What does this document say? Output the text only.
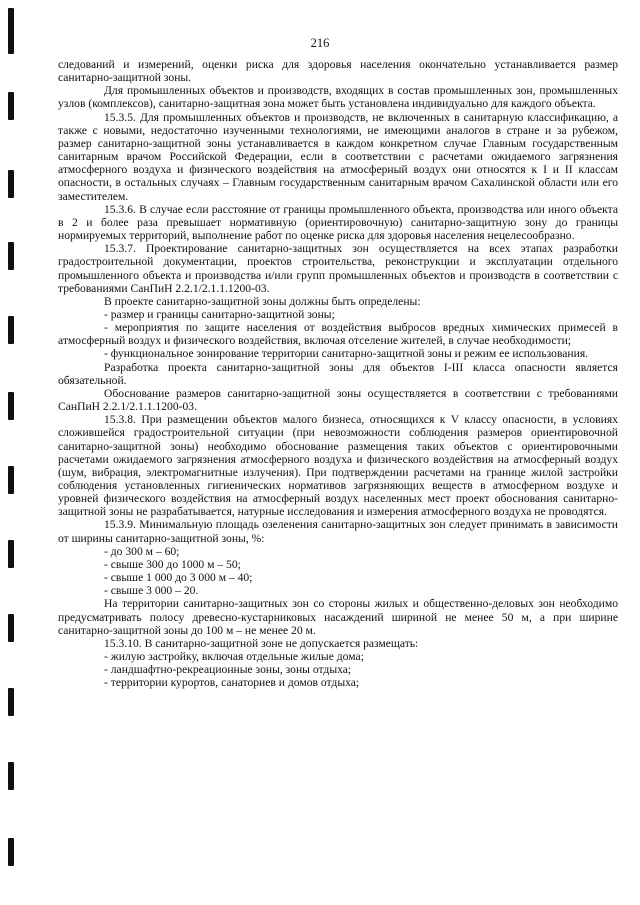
216

следований и измерений, оценки риска для здоровья населения окончательно устанавливается размер санитарно-защитной зоны.

Для промышленных объектов и производств, входящих в состав промышленных зон, промышленных узлов (комплексов), санитарно-защитная зона может быть установлена индивидуально для каждого объекта.

15.3.5. Для промышленных объектов и производств, не включенных в санитарную классификацию, а также с новыми, недостаточно изученными технологиями, не имеющими аналогов в стране и за рубежом, размер санитарно-защитной зоны устанавливается в каждом конкретном случае Главным государственным санитарным врачом Российской Федерации, если в соответствии с расчетами ожидаемого загрязнения атмосферного воздуха и физического воздействия на атмосферный воздух они относятся к I и II классам опасности, в остальных случаях – Главным государственным санитарным врачом Сахалинской области или его заместителем.

15.3.6. В случае если расстояние от границы промышленного объекта, производства или иного объекта в 2 и более раза превышает нормативную (ориентировочную) санитарно-защитную зону до границы нормируемых территорий, выполнение работ по оценке риска для здоровья населения нецелесообразно.

15.3.7. Проектирование санитарно-защитных зон осуществляется на всех этапах разработки градостроительной документации, проектов строительства, реконструкции и эксплуатации отдельного промышленного объекта и производства и/или групп промышленных объектов и производств в соответствии с требованиями СанПиН 2.2.1/2.1.1.1200-03.

В проекте санитарно-защитной зоны должны быть определены:

- размер и границы санитарно-защитной зоны;

- мероприятия по защите населения от воздействия выбросов вредных химических примесей в атмосферный воздух и физического воздействия, включая отселение жителей, в случае необходимости;

- функциональное зонирование территории санитарно-защитной зоны и режим ее использования.

Разработка проекта санитарно-защитной зоны для объектов I-III класса опасности является обязательной.

Обоснование размеров санитарно-защитной зоны осуществляется в соответствии с требованиями СанПиН 2.2.1/2.1.1.1200-03.

15.3.8. При размещении объектов малого бизнеса, относящихся к V классу опасности, в условиях сложившейся градостроительной ситуации (при невозможности соблюдения размеров ориентировочной санитарно-защитной зоны) необходимо обоснование размещения таких объектов с ориентировочными расчетами ожидаемого загрязнения атмосферного воздуха и физического воздействия на атмосферный воздух (шум, вибрация, электромагнитные излучения). При подтверждении расчетами на границе жилой застройки соблюдения установленных гигиенических нормативов загрязняющих веществ в атмосферном воздухе и уровней физического воздействия на атмосферный воздух населенных мест проект обоснования санитарно-защитной зоны не разрабатывается, натурные исследования и измерения атмосферного воздуха не проводятся.

15.3.9. Минимальную площадь озеленения санитарно-защитных зон следует принимать в зависимости от ширины санитарно-защитной зоны, %:

- до 300 м – 60;

- свыше 300 до 1000 м – 50;

- свыше 1 000 до 3 000 м – 40;

- свыше 3 000 – 20.

На территории санитарно-защитных зон со стороны жилых и общественно-деловых зон необходимо предусматривать полосу древесно-кустарниковых насаждений шириной не менее 50 м, а при ширине санитарно-защитной зоны до 100 м – не менее 20 м.

15.3.10. В санитарно-защитной зоне не допускается размещать:

- жилую застройку, включая отдельные жилые дома;

- ландшафтно-рекреационные зоны, зоны отдыха;

- территории курортов, санаториев и домов отдыха;
